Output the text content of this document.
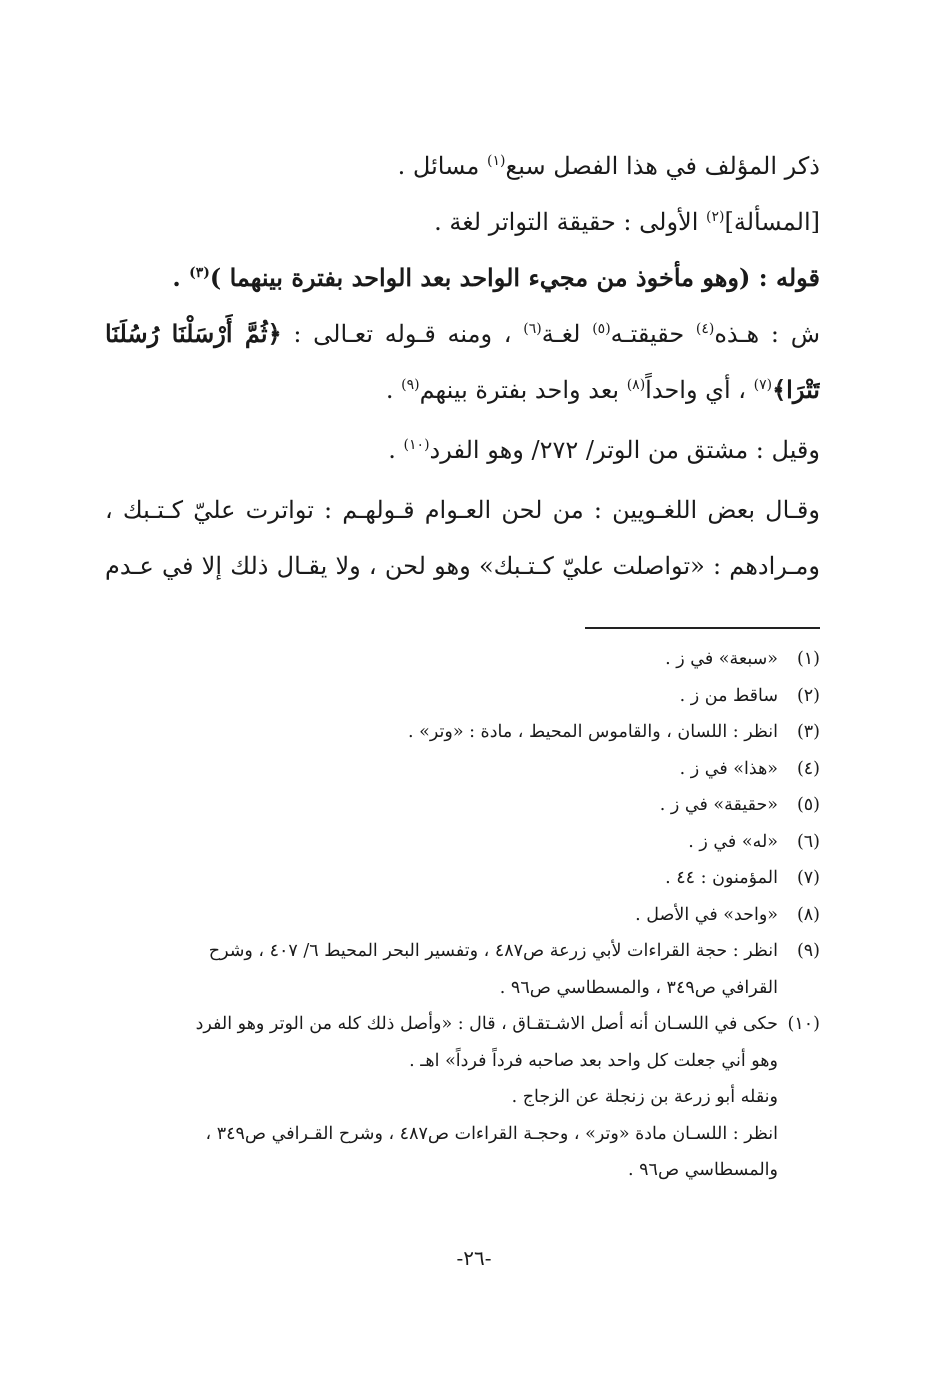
ذكر المؤلف في هذا الفصل سبع$^{(١)}$ مسائل .

[المسألة]$^{(٢)}$ الأولى : حقيقة التواتر لغة .

قوله : (وهو مأخوذ من مجيء الواحد بعد الواحد بفترة بينهما )$^{(٣)}$ .

ش : هـذه$^{(٤)}$ حقيقتـه$^{(٥)}$ لغـة$^{(٦)}$ ، ومنه قـوله تعـالى : ﴿ثُمَّ أَرْسَلْنَا رُسُلَنَا

تَتْرَا﴾$^{(٧)}$ ، أي واحداً$^{(٨)}$ بعد واحد بفترة بينهم$^{(٩)}$ .

وقيل : مشتق من الوتر/ ٢٧٢/ وهو الفرد$^{(١٠)}$ .

وقـال بعض اللغـويين : من لحن العـوام قـولهـم : تواترت عليّ كـتـبك ،

ومـرادهم : «تواصلت عليّ كـتـبك» وهو لحن ، ولا يقـال ذلك إلا في عـدم

(١)«سبعة» في ز .

(٢)ساقط من ز .

(٣)انظر : اللسان ، والقاموس المحيط ، مادة : «وتر» .

(٤)«هذا» في ز .

(٥)«حقيقة» في ز .

(٦)«له» في ز .

(٧)المؤمنون : ٤٤ .

(٨)«واحد» في الأصل .

(٩)انظر : حجة القراءات لأبي زرعة ص٤٨٧ ، وتفسير البحر المحيط ٦/ ٤٠٧ ، وشرح

القرافي ص٣٤٩ ، والمسطاسي ص٩٦ .

(١٠)حكى في اللسـان أنه أصل الاشـتقـاق ، قال : «وأصل ذلك كله من الوتر وهو الفرد

وهو أني جعلت كل واحد بعد صاحبه فرداً فرداً» اهـ .

ونقله أبو زرعة بن زنجلة عن الزجاج .

انظر : اللسـان مادة «وتر» ، وحجـة القراءات ص٤٨٧ ، وشرح القـرافي ص٣٤٩ ،

والمسطاسي ص٩٦ .

-٢٦-
